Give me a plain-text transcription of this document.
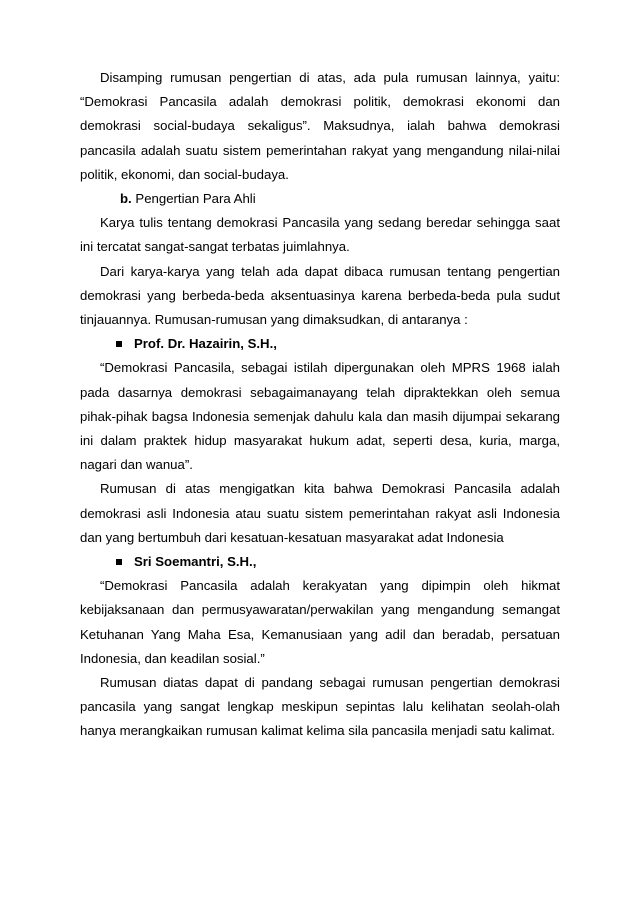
Disamping rumusan pengertian di atas, ada pula rumusan lainnya, yaitu: “Demokrasi Pancasila adalah demokrasi politik, demokrasi ekonomi dan demokrasi social-budaya sekaligus”. Maksudnya, ialah bahwa demokrasi pancasila adalah suatu sistem pemerintahan rakyat yang mengandung nilai-nilai politik, ekonomi, dan social-budaya.

b. Pengertian Para Ahli

Karya tulis tentang demokrasi Pancasila yang sedang beredar sehingga saat ini tercatat sangat-sangat terbatas juimlahnya.

Dari karya-karya yang telah ada dapat dibaca rumusan tentang pengertian demokrasi yang berbeda-beda aksentuasinya karena berbeda-beda pula sudut tinjauannya. Rumusan-rumusan yang dimaksudkan, di antaranya :

Prof. Dr. Hazairin, S.H.,

“Demokrasi Pancasila, sebagai istilah dipergunakan oleh MPRS 1968 ialah pada dasarnya demokrasi sebagaimanayang telah dipraktekkan oleh semua pihak-pihak bagsa Indonesia semenjak dahulu kala dan masih dijumpai sekarang ini dalam praktek hidup masyarakat hukum adat, seperti desa, kuria, marga, nagari dan wanua”.

Rumusan di atas mengigatkan kita bahwa Demokrasi Pancasila adalah demokrasi asli Indonesia atau suatu sistem pemerintahan rakyat asli Indonesia dan yang bertumbuh dari kesatuan-kesatuan masyarakat adat Indonesia

Sri Soemantri, S.H.,

“Demokrasi Pancasila adalah kerakyatan yang dipimpin oleh hikmat kebijaksanaan dan permusyawaratan/perwakilan yang mengandung semangat Ketuhanan Yang Maha Esa, Kemanusiaan yang adil dan beradab, persatuan Indonesia, dan keadilan sosial.”

Rumusan diatas dapat di pandang sebagai rumusan pengertian demokrasi pancasila yang sangat lengkap meskipun sepintas lalu kelihatan seolah-olah hanya merangkaikan rumusan kalimat kelima sila pancasila menjadi satu kalimat.
